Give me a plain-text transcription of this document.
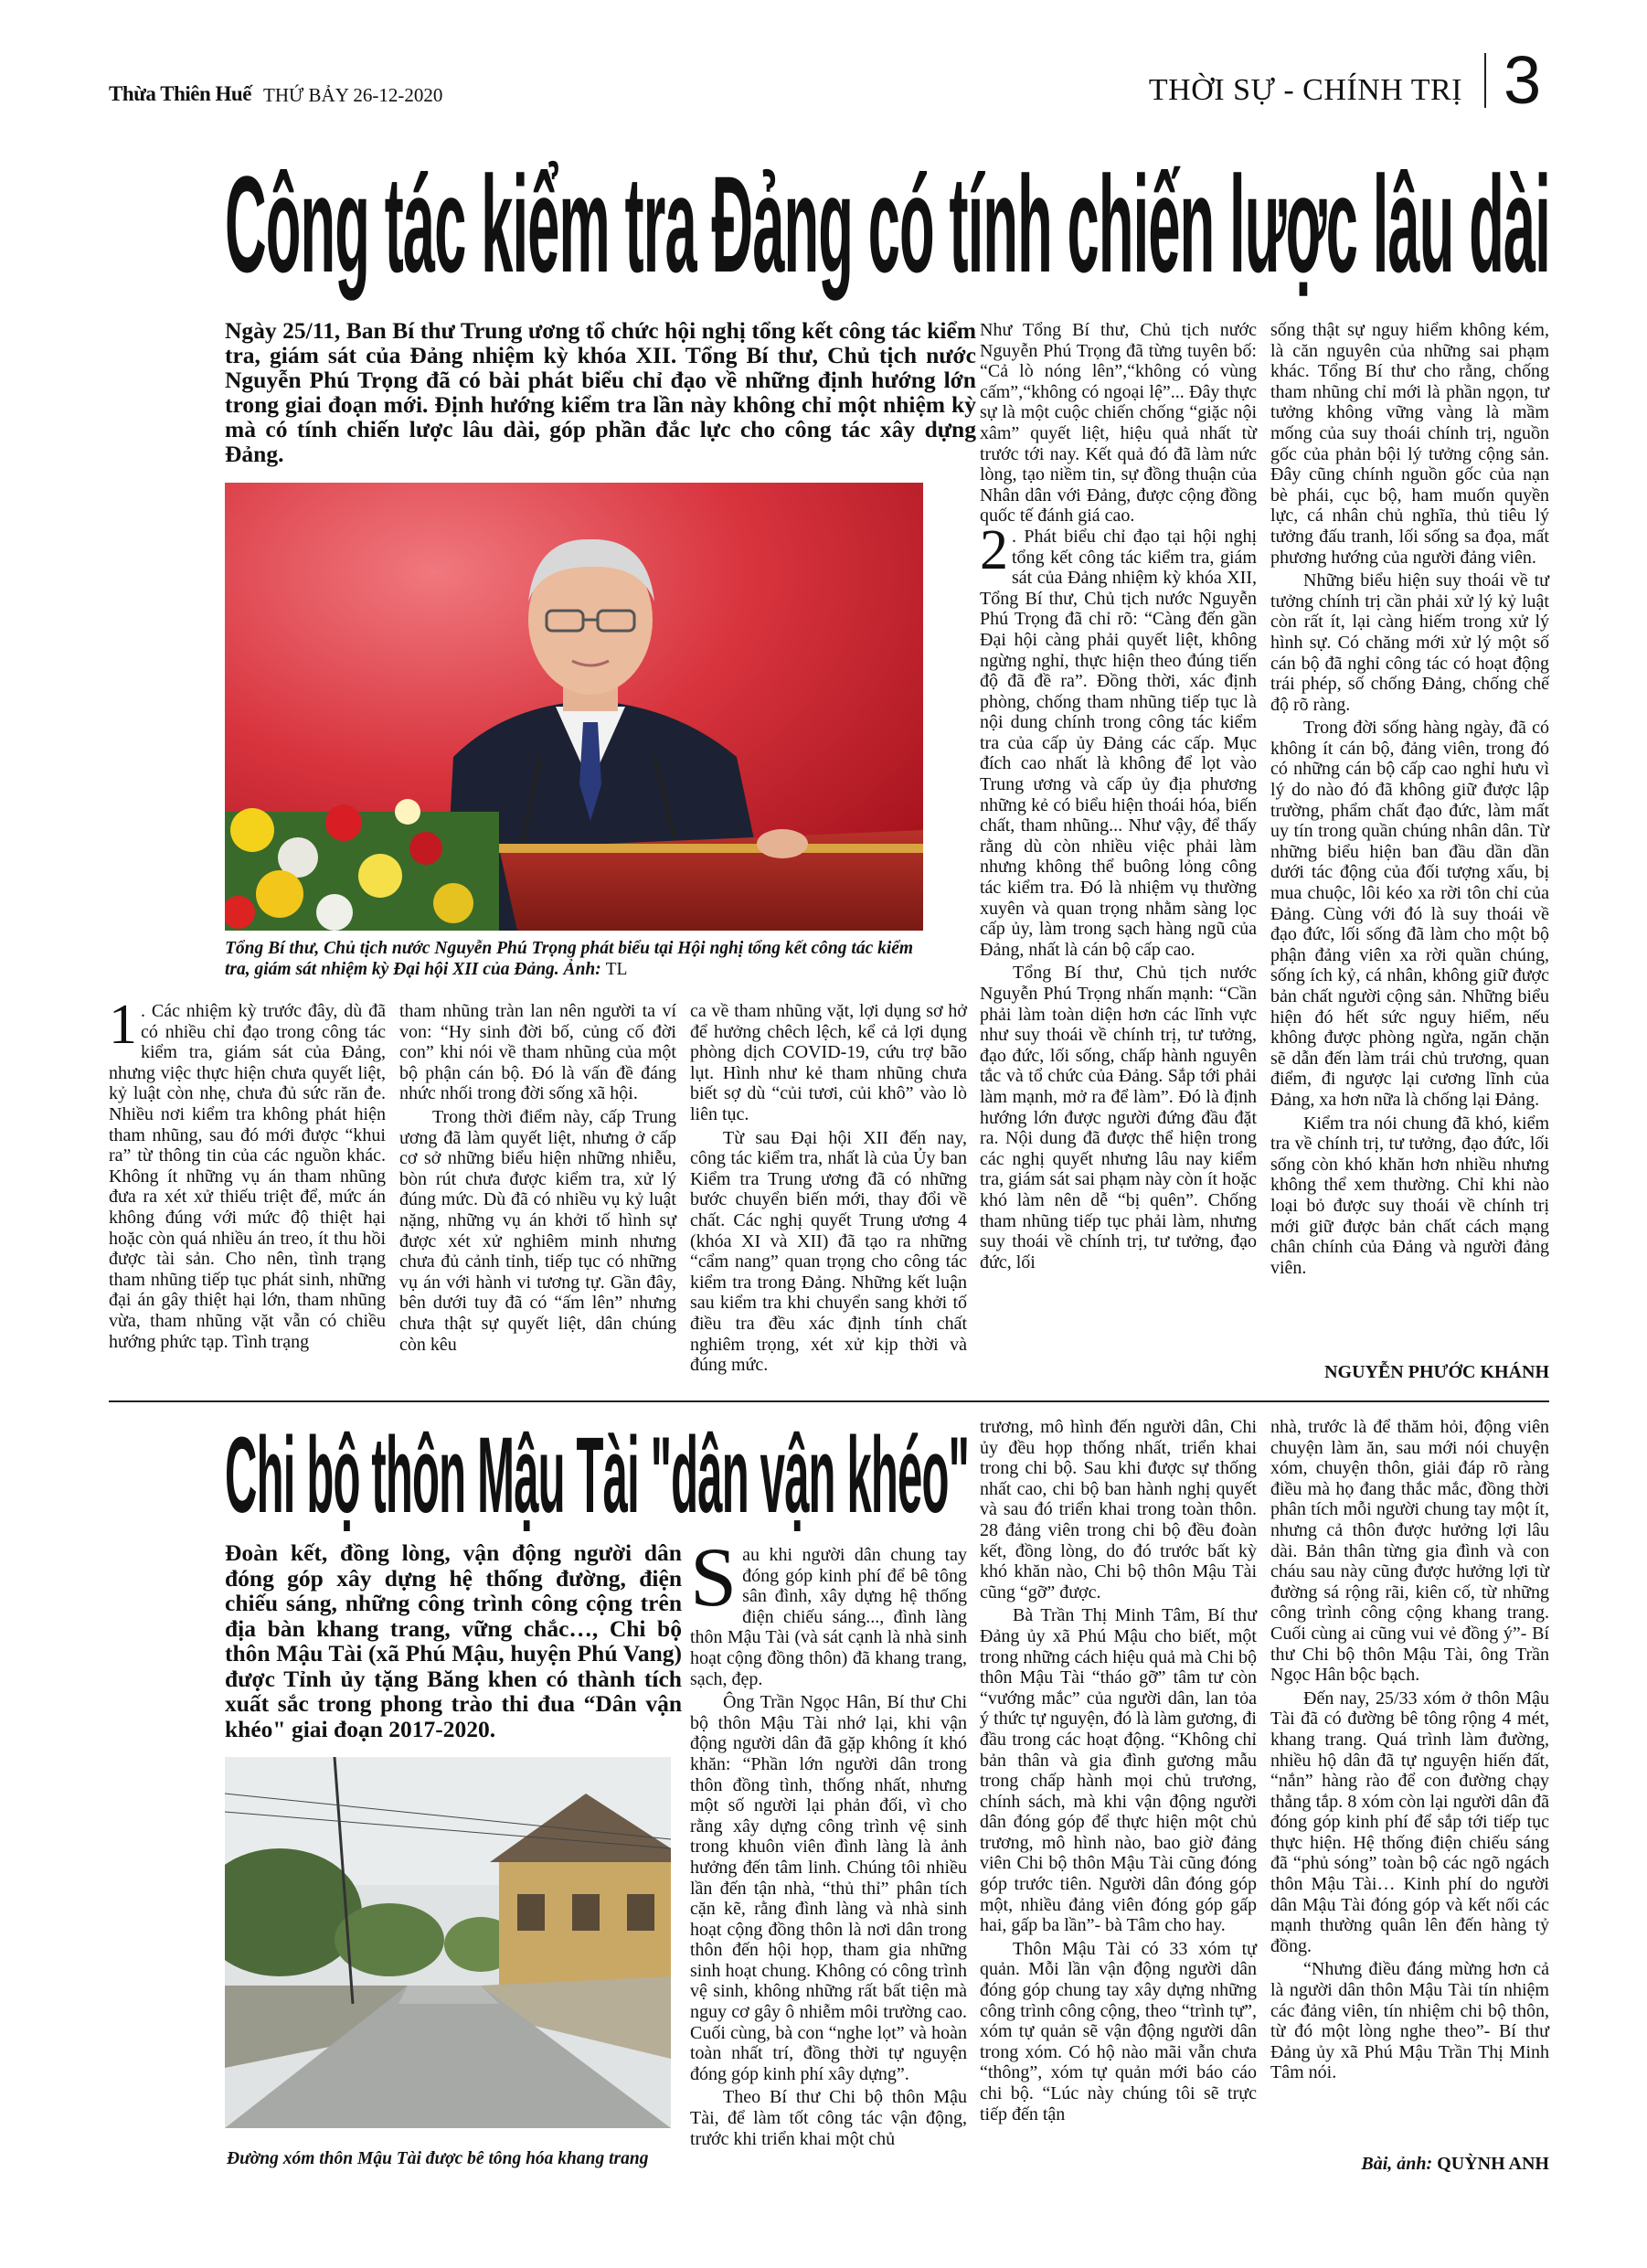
Thừa Thiên Huế THỨ BẢY 26-12-2020	THỜI SỰ - CHÍNH TRỊ 3
Công tác kiểm tra Đảng có tính chiến lược lâu dài
Ngày 25/11, Ban Bí thư Trung ương tổ chức hội nghị tổng kết công tác kiểm tra, giám sát của Đảng nhiệm kỳ khóa XII. Tổng Bí thư, Chủ tịch nước Nguyễn Phú Trọng đã có bài phát biểu chỉ đạo về những định hướng lớn trong giai đoạn mới. Định hướng kiểm tra lần này không chỉ một nhiệm kỳ mà có tính chiến lược lâu dài, góp phần đắc lực cho công tác xây dựng Đảng.
Tổng Bí thư, Chủ tịch nước Nguyễn Phú Trọng phát biểu tại Hội nghị tổng kết công tác kiểm tra, giám sát nhiệm kỳ Đại hội XII của Đảng. Ảnh: TL

1 . Các nhiệm kỳ trước đây, dù đã có nhiều chỉ đạo trong công tác kiểm tra, giám sát của Đảng, nhưng việc thực hiện chưa quyết liệt, kỷ luật còn nhẹ, chưa đủ sức răn đe. Nhiều nơi kiểm tra không phát hiện tham nhũng, sau đó mới được “khui ra” từ thông tin của các nguồn khác. Không ít những vụ án tham nhũng đưa ra xét xử thiếu triệt để, mức án không đúng với mức độ thiệt hại hoặc còn quá nhiều án treo, ít thu hồi được tài sản. Cho nên, tình trạng tham nhũng tiếp tục phát sinh, những đại án gây thiệt hại lớn, tham nhũng vừa, tham nhũng vặt vẫn có chiều hướng phức tạp. Tình trạng

tham nhũng tràn lan nên người ta ví von: “Hy sinh đời bố, củng cố đời con” khi nói về tham nhũng của một bộ phận cán bộ. Đó là vấn đề đáng nhức nhối trong đời sống xã hội.

Trong thời điểm này, cấp Trung ương đã làm quyết liệt, nhưng ở cấp cơ sở những biểu hiện những nhiễu, bòn rút chưa được kiểm tra, xử lý đúng mức. Dù đã có nhiều vụ kỷ luật nặng, những vụ án khởi tố hình sự được xét xử nghiêm minh nhưng chưa đủ cảnh tỉnh, tiếp tục có những vụ án với hành vi tương tự. Gần đây, bên dưới tuy đã có “ấm lên” nhưng chưa thật sự quyết liệt, dân chúng còn kêu

ca về tham nhũng vặt, lợi dụng sơ hở để hưởng chêch lệch, kể cả lợi dụng phòng dịch COVID-19, cứu trợ bão lụt. Hình như kẻ tham nhũng chưa biết sợ dù “củi tươi, củi khô” vào lò liên tục.

Từ sau Đại hội XII đến nay, công tác kiểm tra, nhất là của Ủy ban Kiểm tra Trung ương đã có những bước chuyển biến mới, thay đổi về chất. Các nghị quyết Trung ương 4 (khóa XI và XII) đã tạo ra những “cẩm nang” quan trọng cho công tác kiểm tra trong Đảng. Những kết luận sau kiểm tra khi chuyển sang khởi tố điều tra đều xác định tính chất nghiêm trọng, xét xử kịp thời và đúng mức.

Như Tổng Bí thư, Chủ tịch nước Nguyễn Phú Trọng đã từng tuyên bố: “Cả lò nóng lên”,“không có vùng cấm”,“không có ngoại lệ”... Đây thực sự là một cuộc chiến chống “giặc nội xâm” quyết liệt, hiệu quả nhất từ trước tới nay. Kết quả đó đã làm nức lòng, tạo niềm tin, sự đồng thuận của Nhân dân với Đảng, được cộng đồng quốc tế đánh giá cao.

2 . Phát biểu chỉ đạo tại hội nghị tổng kết công tác kiểm tra, giám sát của Đảng nhiệm kỳ khóa XII, Tổng Bí thư, Chủ tịch nước Nguyễn Phú Trọng đã chỉ rõ: “Càng đến gần Đại hội càng phải quyết liệt, không ngừng nghỉ, thực hiện theo đúng tiến độ đã đề ra”. Đồng thời, xác định phòng, chống tham nhũng tiếp tục là nội dung chính trong công tác kiểm tra của cấp ủy Đảng các cấp. Mục đích cao nhất là không để lọt vào Trung ương và cấp ủy địa phương những kẻ có biểu hiện thoái hóa, biến chất, tham nhũng... Như vậy, để thấy rằng dù còn nhiều việc phải làm nhưng không thể buông lỏng công tác kiểm tra. Đó là nhiệm vụ thường xuyên và quan trọng nhằm sàng lọc cấp ủy, làm trong sạch hàng ngũ của Đảng, nhất là cán bộ cấp cao.

Tổng Bí thư, Chủ tịch nước Nguyễn Phú Trọng nhấn mạnh: “Cần phải làm toàn diện hơn các lĩnh vực như suy thoái về chính trị, tư tưởng, đạo đức, lối sống, chấp hành nguyên tắc và tổ chức của Đảng. Sắp tới phải làm mạnh, mở ra để làm”. Đó là định hướng lớn được người đứng đầu đặt ra. Nội dung đã được thể hiện trong các nghị quyết nhưng lâu nay kiểm tra, giám sát sai phạm này còn ít hoặc khó làm nên dễ “bị quên”. Chống tham nhũng tiếp tục phải làm, nhưng suy thoái về chính trị, tư tưởng, đạo đức, lối

sống thật sự nguy hiểm không kém, là căn nguyên của những sai phạm khác. Tổng Bí thư cho rằng, chống tham nhũng chỉ mới là phần ngọn, tư tưởng không vững vàng là mầm mống của suy thoái chính trị, nguồn gốc của phản bội lý tưởng cộng sản. Đây cũng chính nguồn gốc của nạn bè phái, cục bộ, ham muốn quyền lực, cá nhân chủ nghĩa, thủ tiêu lý tưởng đấu tranh, lối sống sa đọa, mất phương hướng của người đảng viên.

Những biểu hiện suy thoái về tư tưởng chính trị cần phải xử lý kỷ luật còn rất ít, lại càng hiếm trong xử lý hình sự. Có chăng mới xử lý một số cán bộ đã nghỉ công tác có hoạt động trái phép, số chống Đảng, chống chế độ rõ ràng.

Trong đời sống hàng ngày, đã có không ít cán bộ, đảng viên, trong đó có những cán bộ cấp cao nghỉ hưu vì lý do nào đó đã không giữ được lập trường, phẩm chất đạo đức, làm mất uy tín trong quần chúng nhân dân. Từ những biểu hiện ban đầu dần dần dưới tác động của đối tượng xấu, bị mua chuộc, lôi kéo xa rời tôn chỉ của Đảng. Cùng với đó là suy thoái về đạo đức, lối sống đã làm cho một bộ phận đảng viên xa rời quần chúng, sống ích kỷ, cá nhân, không giữ được bản chất người cộng sản. Những biểu hiện đó hết sức nguy hiểm, nếu không được phòng ngừa, ngăn chặn sẽ dẫn đến làm trái chủ trương, quan điểm, đi ngược lại cương lĩnh của Đảng, xa hơn nữa là chống lại Đảng.

Kiểm tra nói chung đã khó, kiểm tra về chính trị, tư tưởng, đạo đức, lối sống còn khó khăn hơn nhiều nhưng không thể xem thường. Chỉ khi nào loại bỏ được suy thoái về chính trị mới giữ được bản chất cách mạng chân chính của Đảng và người đảng viên.

NGUYỄN PHƯỚC KHÁNH
Chi bộ thôn Mậu Tài "dân vận khéo"
Đoàn kết, đồng lòng, vận động người dân đóng góp xây dựng hệ thống đường, điện chiếu sáng, những công trình công cộng trên địa bàn khang trang, vững chắc…, Chi bộ thôn Mậu Tài (xã Phú Mậu, huyện Phú Vang) được Tỉnh ủy tặng Băng khen có thành tích xuất sắc trong phong trào thi đua “Dân vận khéo" giai đoạn 2017-2020.
Đường xóm thôn Mậu Tài được bê tông hóa khang trang

Sau khi người dân chung tay đóng góp kinh phí để bê tông sân đình, xây dựng hệ thống điện chiếu sáng..., đình làng thôn Mậu Tài (và sát cạnh là nhà sinh hoạt cộng đồng thôn) đã khang trang, sạch, đẹp.

Ông Trần Ngọc Hân, Bí thư Chi bộ thôn Mậu Tài nhớ lại, khi vận động người dân đã gặp không ít khó khăn: “Phần lớn người dân trong thôn đồng tình, thống nhất, nhưng một số người lại phản đối, vì cho rằng xây dựng công trình vệ sinh trong khuôn viên đình làng là ảnh hưởng đến tâm linh. Chúng tôi nhiều lần đến tận nhà, “thủ thỉ” phân tích cặn kẽ, rằng đình làng và nhà sinh hoạt cộng đồng thôn là nơi dân trong thôn đến hội họp, tham gia những sinh hoạt chung. Không có công trình vệ sinh, không những rất bất tiện mà nguy cơ gây ô nhiễm môi trường cao. Cuối cùng, bà con “nghe lọt” và hoàn toàn nhất trí, đồng thời tự nguyện đóng góp kinh phí xây dựng”.

Theo Bí thư Chi bộ thôn Mậu Tài, để làm tốt công tác vận động, trước khi triển khai một chủ

trương, mô hình đến người dân, Chi ủy đều họp thống nhất, triển khai trong chi bộ. Sau khi được sự thống nhất cao, chi bộ ban hành nghị quyết và sau đó triển khai trong toàn thôn. 28 đảng viên trong chi bộ đều đoàn kết, đồng lòng, do đó trước bất kỳ khó khăn nào, Chi bộ thôn Mậu Tài cũng “gỡ” được.

Bà Trần Thị Minh Tâm, Bí thư Đảng ủy xã Phú Mậu cho biết, một trong những cách hiệu quả mà Chi bộ thôn Mậu Tài “tháo gỡ” tâm tư còn “vướng mắc” của người dân, lan tỏa ý thức tự nguyện, đó là làm gương, đi đầu trong các hoạt động. “Không chỉ bản thân và gia đình gương mẫu trong chấp hành mọi chủ trương, chính sách, mà khi vận động người dân đóng góp để thực hiện một chủ trương, mô hình nào, bao giờ đảng viên Chi bộ thôn Mậu Tài cũng đóng góp trước tiên. Người dân đóng góp một, nhiều đảng viên đóng góp gấp hai, gấp ba lần”- bà Tâm cho hay.

Thôn Mậu Tài có 33 xóm tự quản. Mỗi lần vận động người dân đóng góp chung tay xây dựng những công trình công cộng, theo “trình tự”, xóm tự quản sẽ vận động người dân trong xóm. Có hộ nào mãi vẫn chưa “thông”, xóm tự quản mới báo cáo chi bộ. “Lúc này chúng tôi sẽ trực tiếp đến tận

nhà, trước là để thăm hỏi, động viên chuyện làm ăn, sau mới nói chuyện xóm, chuyện thôn, giải đáp rõ ràng điều mà họ đang thắc mắc, đồng thời phân tích mỗi người chung tay một ít, nhưng cả thôn được hưởng lợi lâu dài. Bản thân từng gia đình và con cháu sau này cũng được hưởng lợi từ đường sá rộng rãi, kiên cố, từ những công trình công cộng khang trang. Cuối cùng ai cũng vui vẻ đồng ý”- Bí thư Chi bộ thôn Mậu Tài, ông Trần Ngọc Hân bộc bạch.

Đến nay, 25/33 xóm ở thôn Mậu Tài đã có đường bê tông rộng 4 mét, khang trang. Quá trình làm đường, nhiều hộ dân đã tự nguyện hiến đất, “nắn” hàng rào để con đường chạy thẳng tắp. 8 xóm còn lại người dân đã đóng góp kinh phí để sắp tới tiếp tục thực hiện. Hệ thống điện chiếu sáng đã “phủ sóng” toàn bộ các ngõ ngách thôn Mậu Tài… Kinh phí do người dân Mậu Tài đóng góp và kết nối các mạnh thường quân lên đến hàng tỷ đồng.

“Nhưng điều đáng mừng hơn cả là người dân thôn Mậu Tài tín nhiệm các đảng viên, tín nhiệm chi bộ thôn, từ đó một lòng nghe theo”- Bí thư Đảng ủy xã Phú Mậu Trần Thị Minh Tâm nói.

Bài, ảnh: QUỲNH ANH
